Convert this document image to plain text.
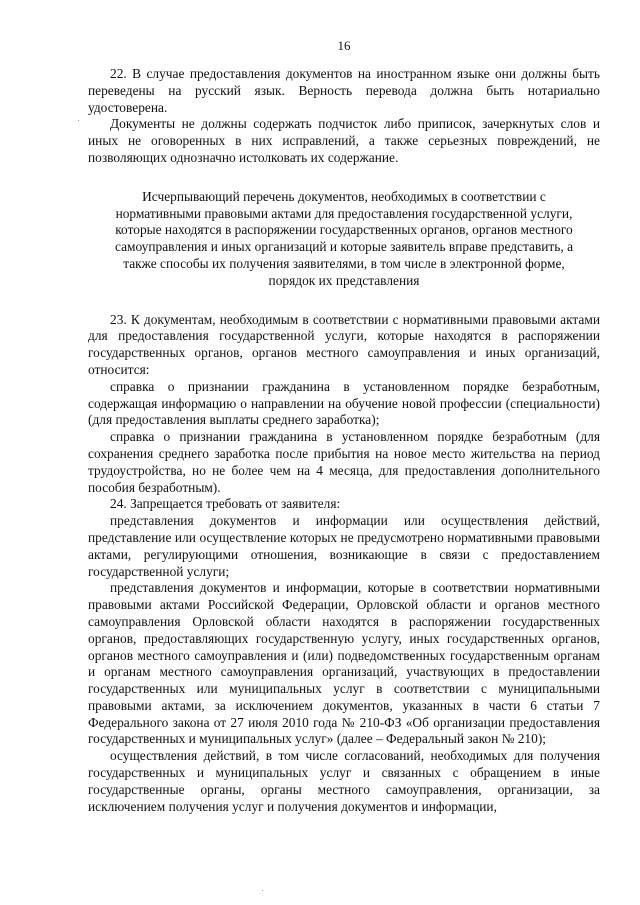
16

22. В случае предоставления документов на иностранном языке они должны быть переведены на русский язык. Верность перевода должна быть нотариально удостоверена.

Документы не должны содержать подчисток либо приписок, зачеркнутых слов и иных не оговоренных в них исправлений, а также серьезных повреждений, не позволяющих однозначно истолковать их содержание.

Исчерпывающий перечень документов, необходимых в соответствии с
нормативными правовыми актами для предоставления государственной услуги,
которые находятся в распоряжении государственных органов, органов местного
самоуправления и иных организаций и которые заявитель вправе представить, а
также способы их получения заявителями, в том числе в электронной форме,
порядок их представления

23. К документам, необходимым в соответствии с нормативными правовыми актами для предоставления государственной услуги, которые находятся в распоряжении государственных органов, органов местного самоуправления и иных организаций, относится:

справка о признании гражданина в установленном порядке безработным, содержащая информацию о направлении на обучение новой профессии (специальности) (для предоставления выплаты среднего заработка);

справка о признании гражданина в установленном порядке безработным (для сохранения среднего заработка после прибытия на новое место жительства на период трудоустройства, но не более чем на 4 месяца, для предоставления дополнительного пособия безработным).

24. Запрещается требовать от заявителя:

представления документов и информации или осуществления действий, представление или осуществление которых не предусмотрено нормативными правовыми актами, регулирующими отношения, возникающие в связи с предоставлением государственной услуги;

представления документов и информации, которые в соответствии нормативными правовыми актами Российской Федерации, Орловской области и органов местного самоуправления Орловской области находятся в распоряжении государственных органов, предоставляющих государственную услугу, иных государственных органов, органов местного самоуправления и (или) подведомственных государственным органам и органам местного самоуправления организаций, участвующих в предоставлении государственных или муниципальных услуг в соответствии с муниципальными правовыми актами, за исключением документов, указанных в части 6 статьи 7 Федерального закона от 27 июля 2010 года № 210-ФЗ «Об организации предоставления государственных и муниципальных услуг» (далее – Федеральный закон № 210);

осуществления действий, в том числе согласований, необходимых для получения государственных и муниципальных услуг и связанных с обращением в иные государственные органы, органы местного самоуправления, организации, за исключением получения услуг и получения документов и информации,
